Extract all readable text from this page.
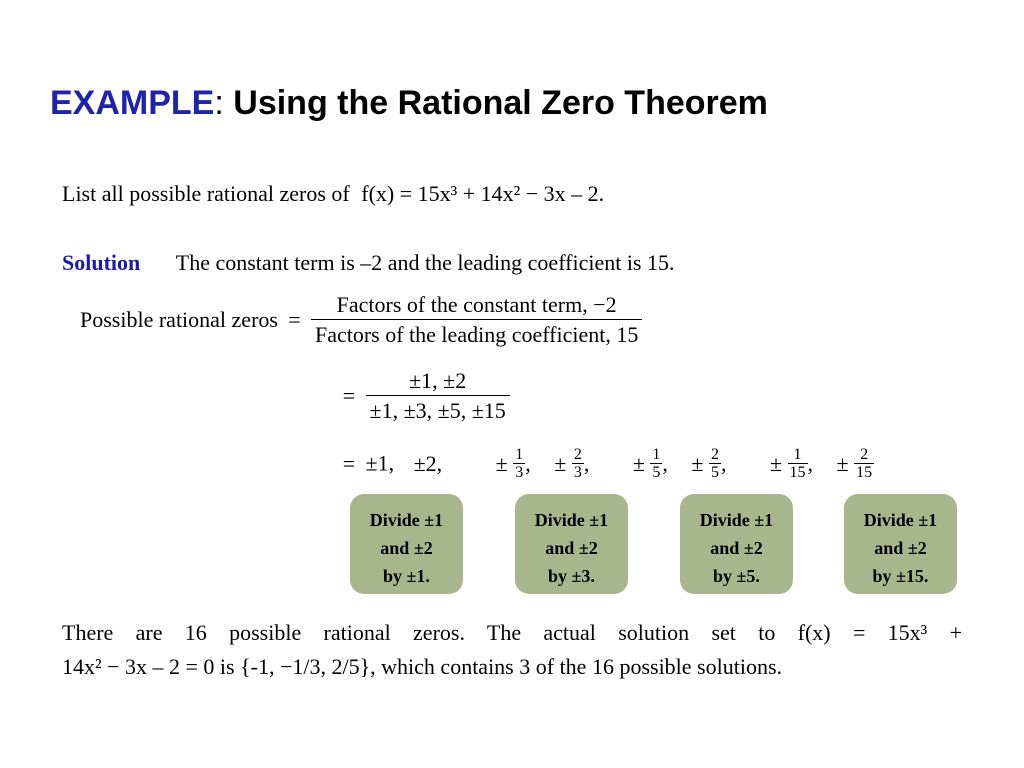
EXAMPLE: Using the Rational Zero Theorem
List all possible rational zeros of f(x) = 15x³ + 14x² − 3x – 2.
Solution The constant term is –2 and the leading coefficient is 15.
Possible rational zeros = $\frac{\text{Factors of the constant term, −2}}{\text{Factors of the leading coefficient, 15}}$
= $\frac{\pm 1, \pm 2}{\pm 1, \pm 3, \pm 5, \pm 15}$
= ±1, ±2, ± $\frac{1}{3}$ , ± $\frac{2}{3}$ , ± $\frac{1}{5}$ , ± $\frac{2}{5}$ , ± $\frac{1}{15}$ , ± $\frac{2}{15}$
Divide ±1
and ±2
by ±1.
Divide ±1
and ±2
by ±3.
Divide ±1
and ±2
by ±5.
Divide ±1
and ±2
by ±15.
There are 16 possible rational zeros. The actual solution set to f(x) = 15x³ +
14x² − 3x – 2 = 0 is {-1, −1/3, 2/5}, which contains 3 of the 16 possible solutions.
